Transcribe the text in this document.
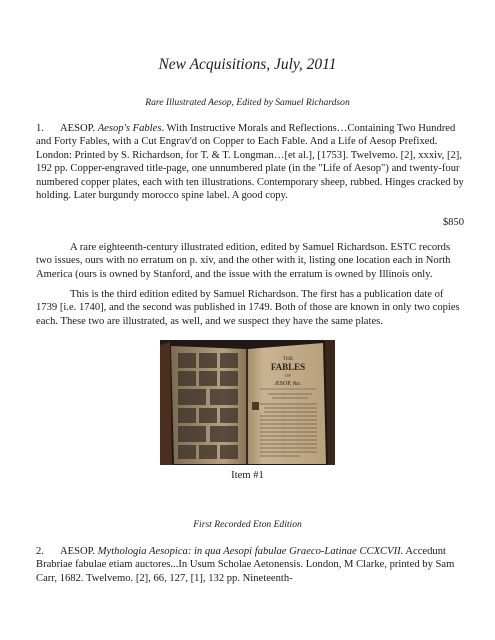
New Acquisitions, July, 2011
Rare Illustrated Aesop, Edited by Samuel Richardson

1. AESOP. Aesop's Fables. With Instructive Morals and Reflections…Containing Two Hundred and Forty Fables, with a Cut Engrav'd on Copper to Each Fable. And a Life of Aesop Prefixed. London: Printed by S. Richardson, for T. & T. Longman…[et al.], [1753]. Twelvemo. [2], xxxiv, [2], 192 pp. Copper-engraved title-page, one unnumbered plate (in the "Life of Aesop") and twenty-four numbered copper plates, each with ten illustrations. Contemporary sheep, rubbed. Hinges cracked by holding. Later burgundy morocco spine label. A good copy.

$850

A rare eighteenth-century illustrated edition, edited by Samuel Richardson. ESTC records two issues, ours with no erratum on p. xiv, and the other with it, listing one location each in North America (ours is owned by Stanford, and the issue with the erratum is owned by Illinois only.

This is the third edition edited by Samuel Richardson. The first has a publication date of 1739 [i.e. 1740], and the second was published in 1749. Both of those are known in only two copies each. These two are illustrated, as well, and we suspect they have the same plates.

THE
FABLES
OF
ÆSOP, &c.

Item #1

First Recorded Eton Edition

2. AESOP. Mythologia Aesopica: in qua Aesopi fabulae Graeco-Latinae CCXCVII. Accedunt Brabriae fabulae etiam auctores...In Usum Scholae Aetonensis. London, M Clarke, printed by Sam Carr, 1682. Twelvemo. [2], 66, 127, [1], 132 pp. Nineteenth-
